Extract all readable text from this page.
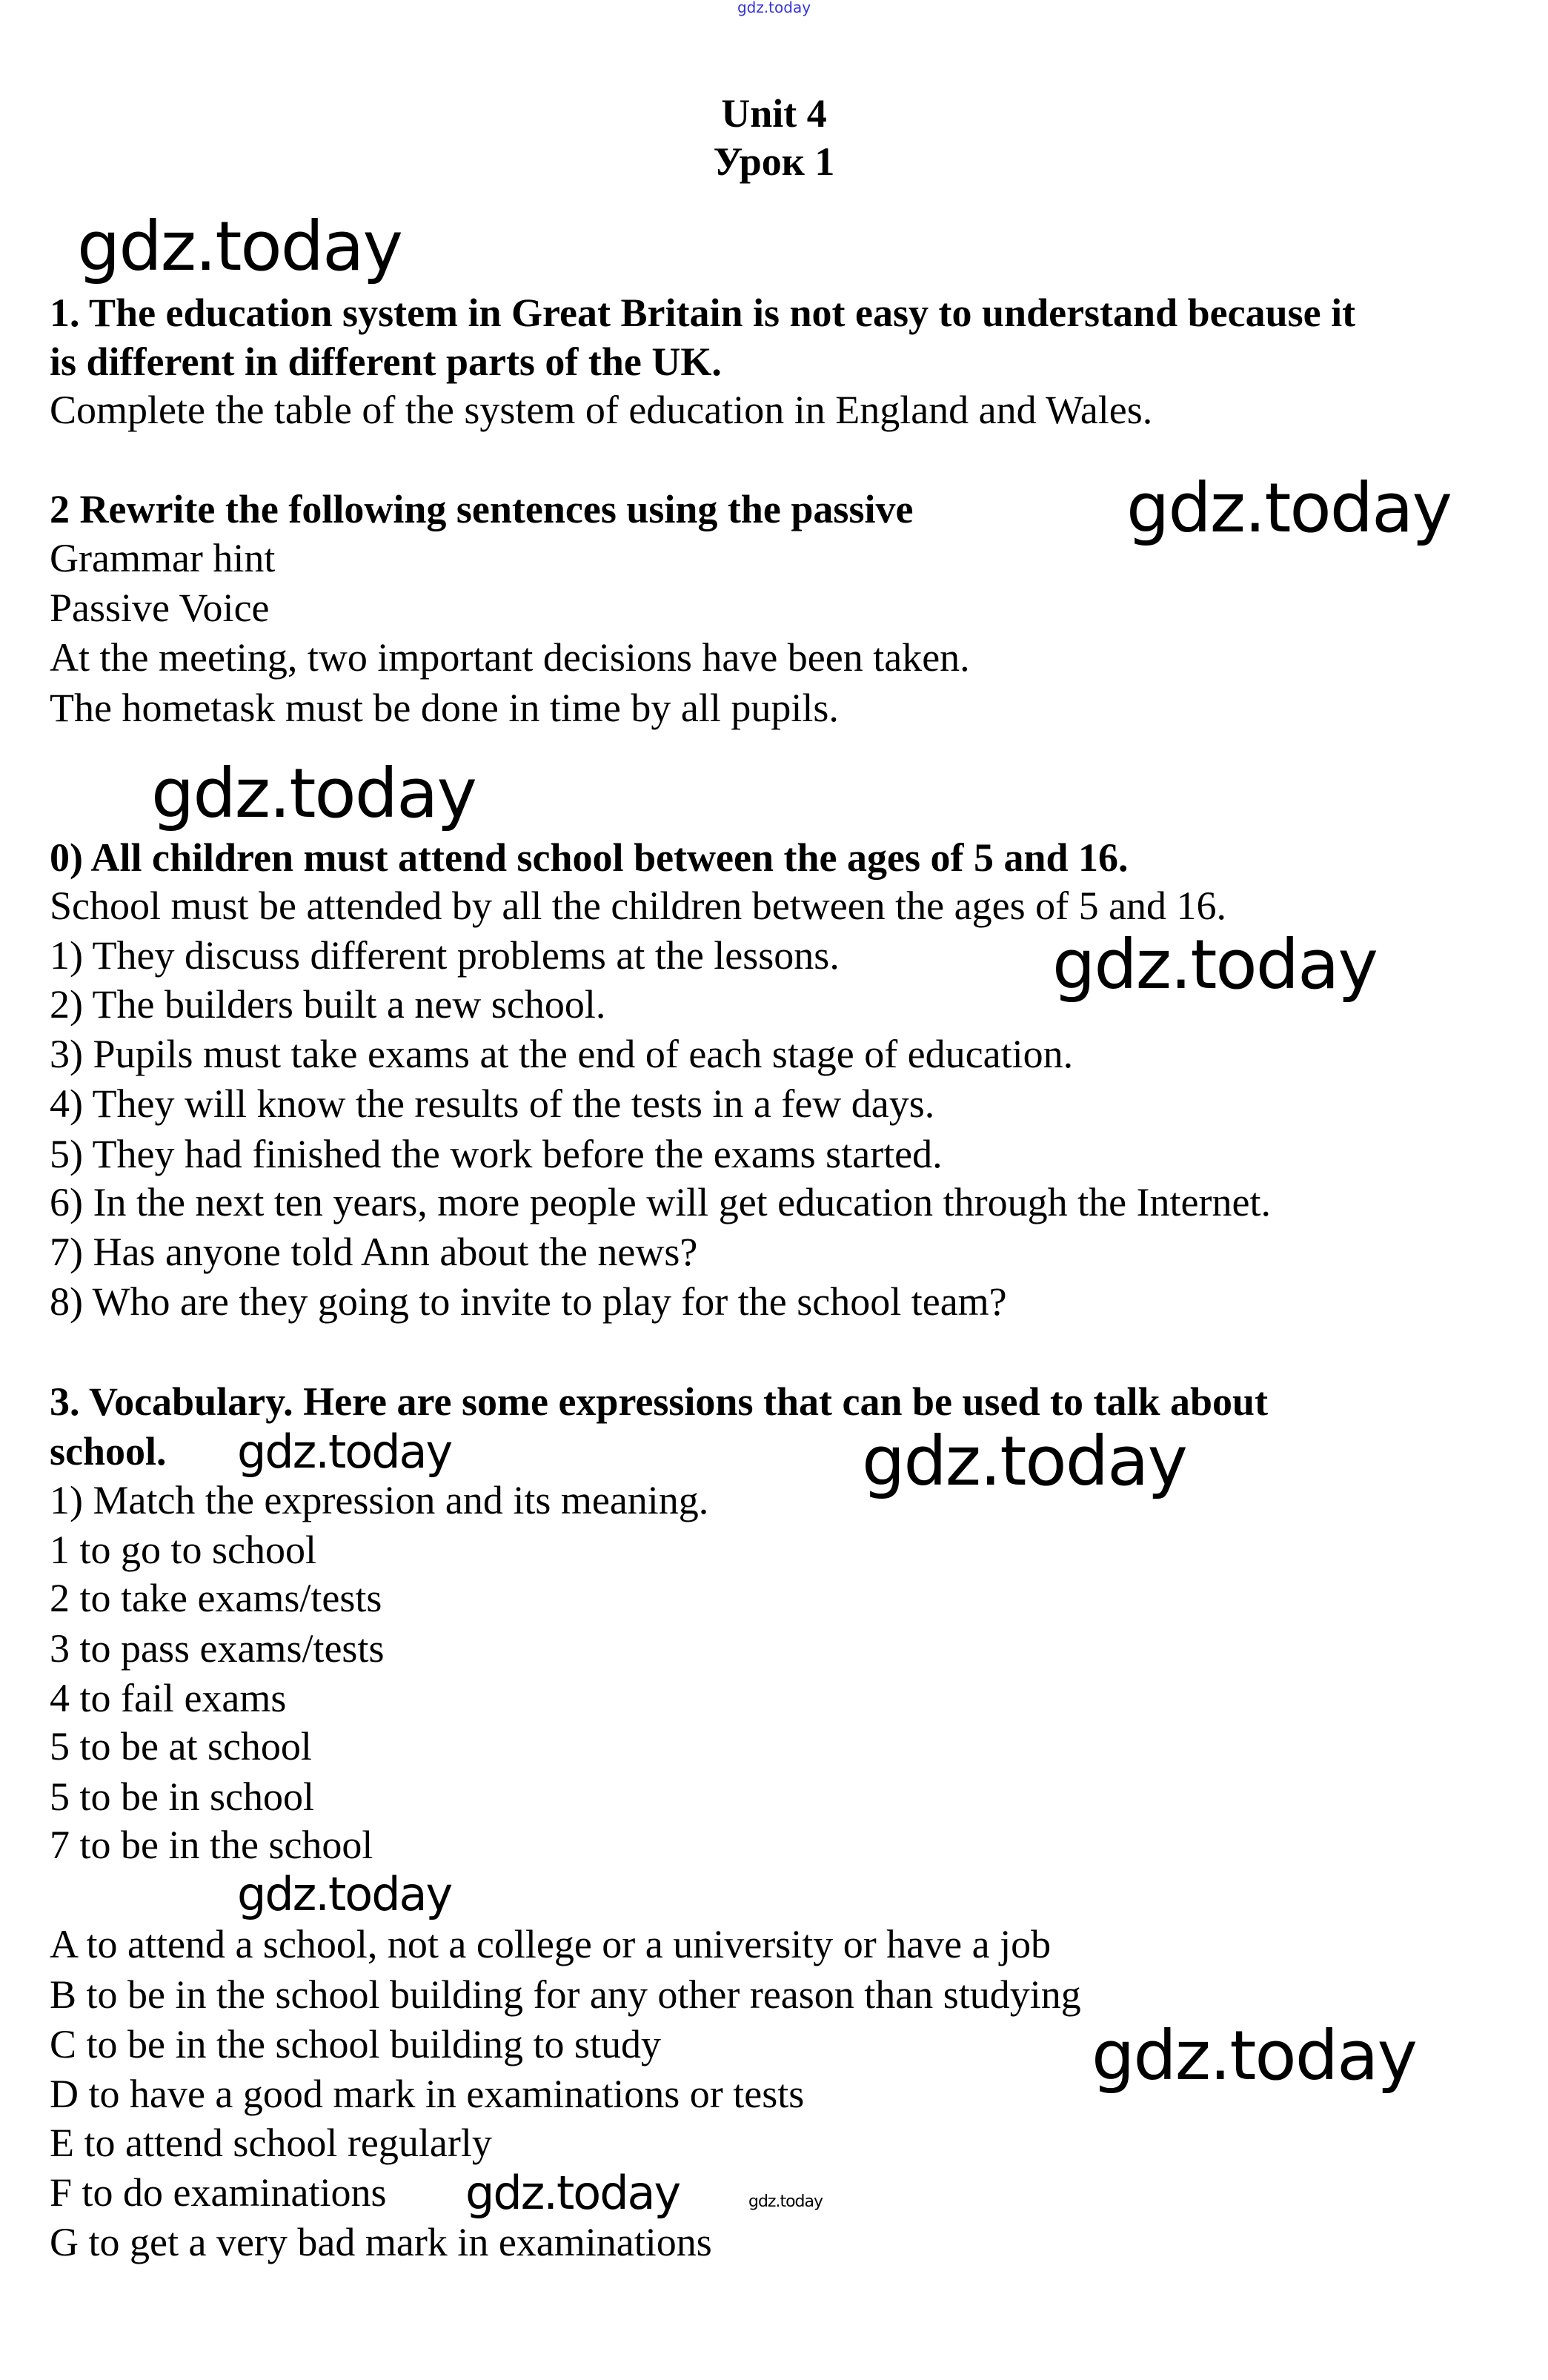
gdz.today
Unit 4
Урок 1
gdz.today
1. The education system in Great Britain is not easy to understand because it
is different in different parts of the UK.
Complete the table of the system of education in England and Wales.
2 Rewrite the following sentences using the passive	gdz.today
Grammar hint
Passive Voice
At the meeting, two important decisions have been taken.
The hometask must be done in time by all pupils.
gdz.today
0) All children must attend school between the ages of 5 and 16.
School must be attended by all the children between the ages of 5 and 16.
1) They discuss different problems at the lessons.	gdz.today
2) The builders built a new school.
3) Pupils must take exams at the end of each stage of education.
4) They will know the results of the tests in a few days.
5) They had finished the work before the exams started.
6) In the next ten years, more people will get education through the Internet.
7) Has anyone told Ann about the news?
8) Who are they going to invite to play for the school team?
3. Vocabulary. Here are some expressions that can be used to talk about
school. gdz.today	gdz.today
1) Match the expression and its meaning.
1 to go to school
2 to take exams/tests
3 to pass exams/tests
4 to fail exams
5 to be at school
5 to be in school
7 to be in the school
gdz.today
A to attend a school, not a college or a university or have a job
B to be in the school building for any other reason than studying
C to be in the school building to study	gdz.today
D to have a good mark in examinations or tests
E to attend school regularly
F to do examinations gdz.today	gdz.today
G to get a very bad mark in examinations
